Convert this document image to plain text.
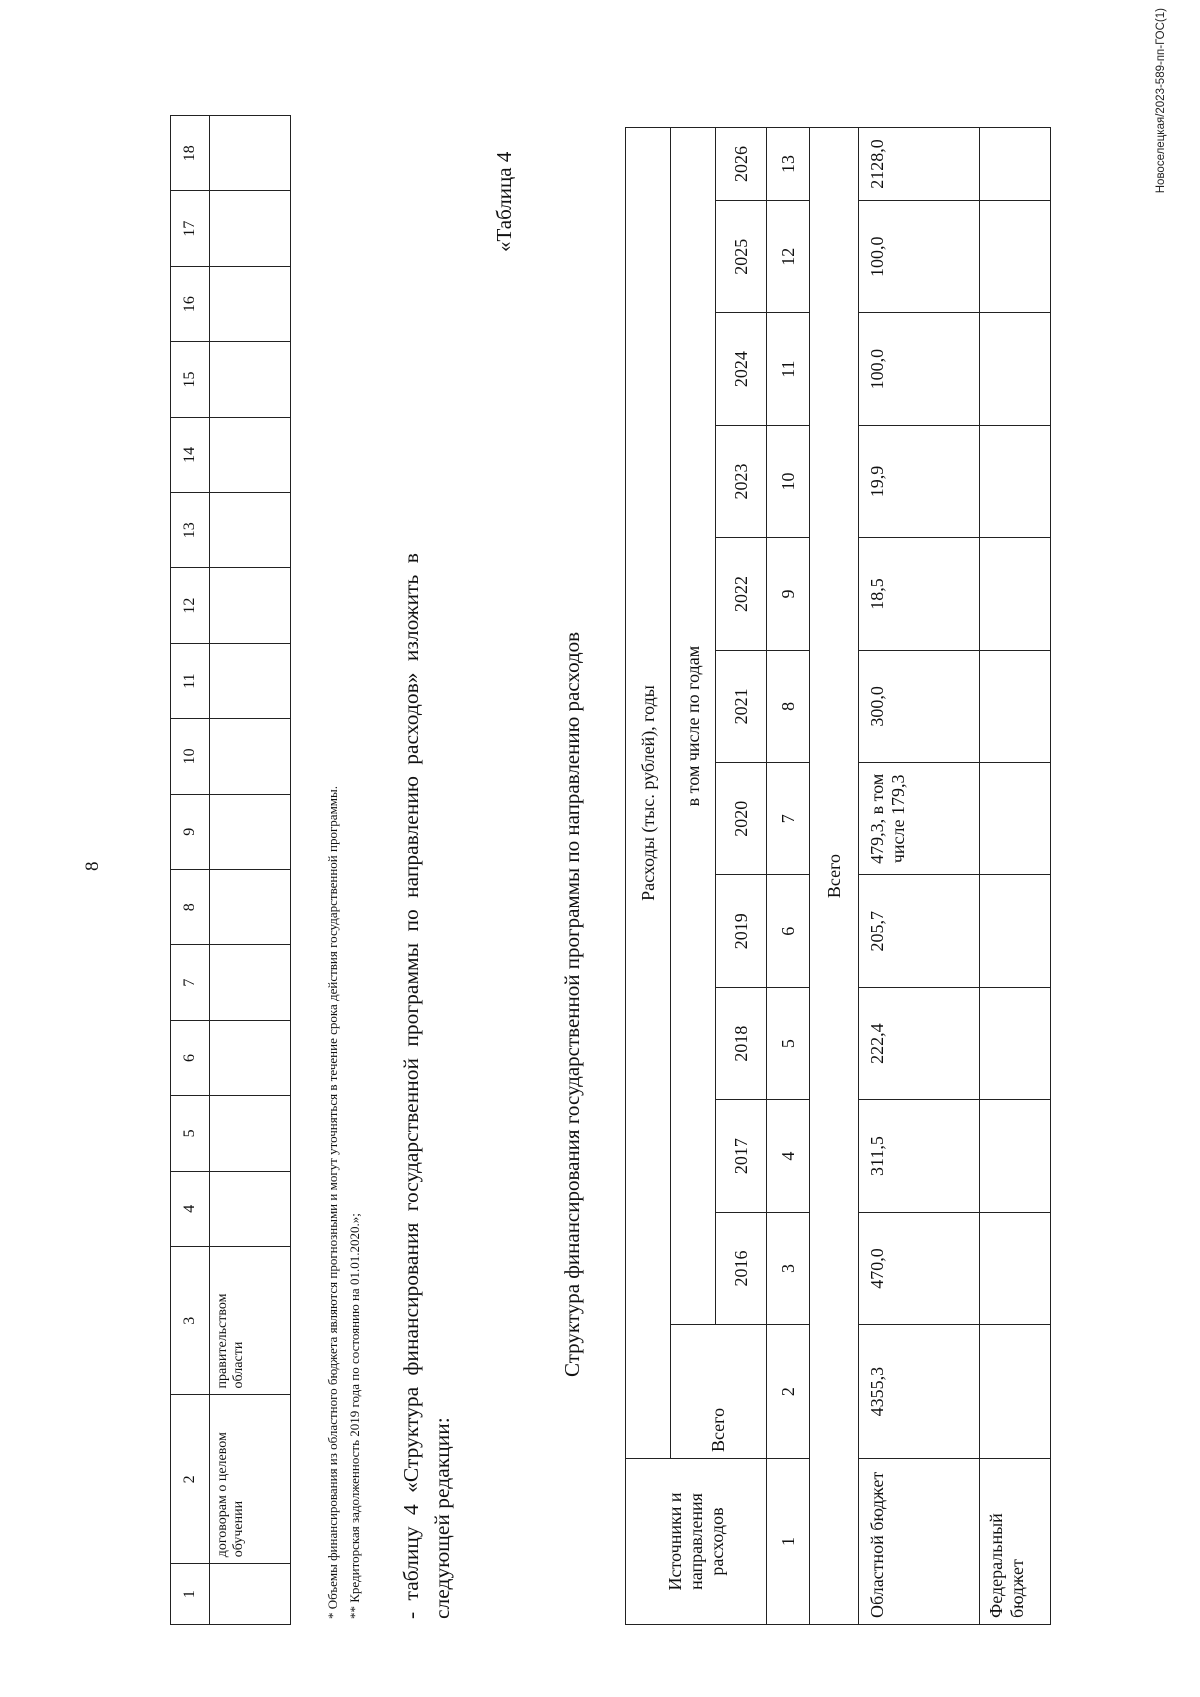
8
1	2	3	4	5	6	7	8	9	10	11	12	13	14	15	16	17	18
	договорам о целевом обучении	правительством области																* Объемы финансирования из областного бюджета являются прогнозными и могут уточняться в течение срока действия государственной программы. ** Кредиторская задолженность 2019 года по состоянию на 01.01.2020.»; - таблицу 4 «Структура финансирования государственной программы по направлению расходов» изложить в следующей редакции:
«Таблица 4
Структура финансирования государственной программы по направлению расходов
Источники и направления расходов	Расходы (тыс. рублей), годы											
	Всего	в том числе по годам										
		2016	2017	2018	2019	2020	2021	2022	2023	2024	2025	2026
1	2	3	4	5	6	7	8	9	10	11	12	13
Всего												
Областной бюджет	4355,3	470,0	311,5	222,4	205,7	479,3, в том числе 179,3	300,0	18,5	19,9	100,0	100,0	2128,0
Федеральный бюджет												
Новоселецкая/2023-589-пп-ГОС(1)
